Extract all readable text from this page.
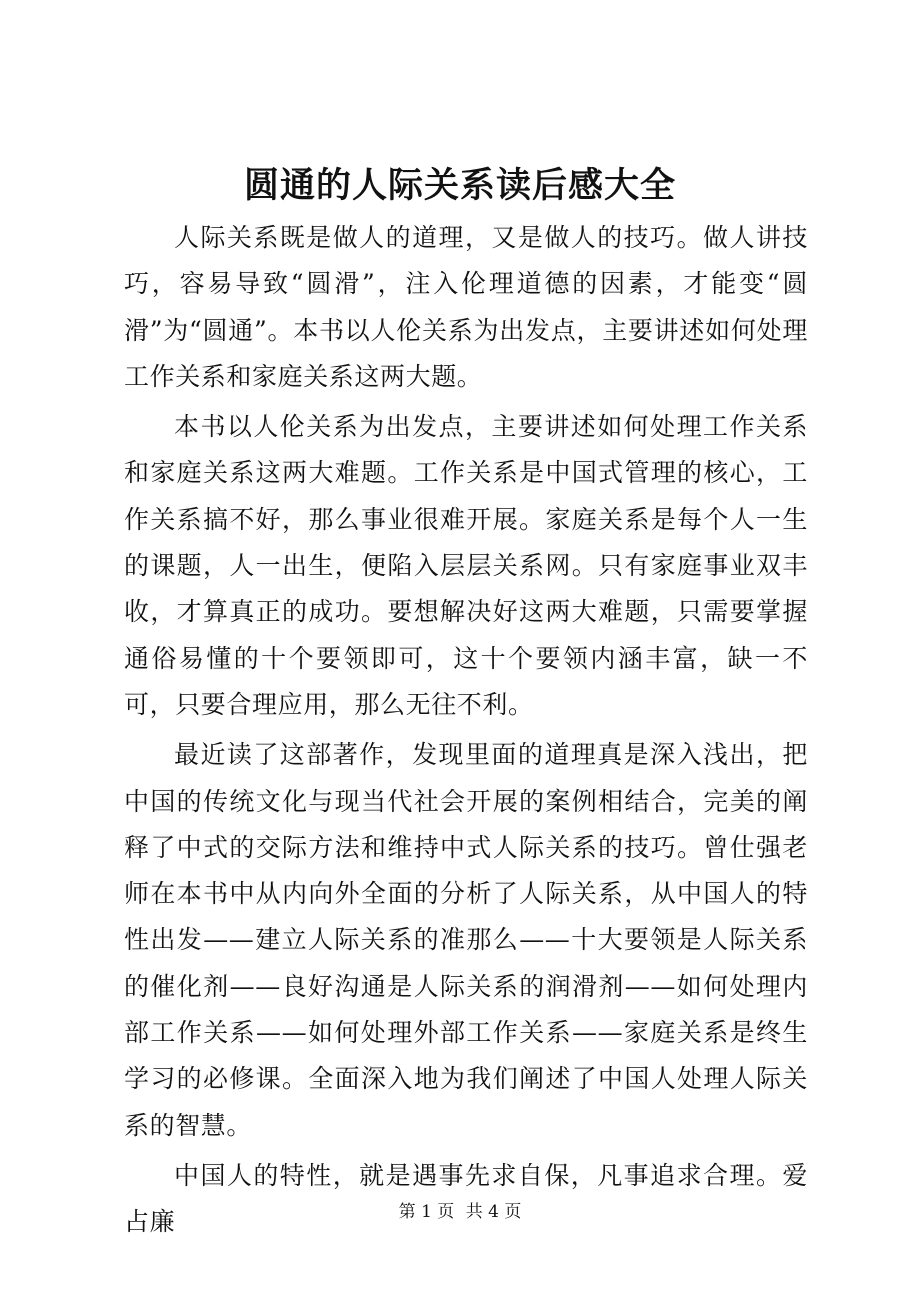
圆通的人际关系读后感大全

人际关系既是做人的道理，又是做人的技巧。做人讲技巧，容易导致“圆滑”，注入伦理道德的因素，才能变“圆滑”为“圆通”。本书以人伦关系为出发点，主要讲述如何处理工作关系和家庭关系这两大题。

本书以人伦关系为出发点，主要讲述如何处理工作关系和家庭关系这两大难题。工作关系是中国式管理的核心，工作关系搞不好，那么事业很难开展。家庭关系是每个人一生的课题，人一出生，便陷入层层关系网。只有家庭事业双丰收，才算真正的成功。要想解决好这两大难题，只需要掌握通俗易懂的十个要领即可，这十个要领内涵丰富，缺一不可，只要合理应用，那么无往不利。

最近读了这部著作，发现里面的道理真是深入浅出，把中国的传统文化与现当代社会开展的案例相结合，完美的阐释了中式的交际方法和维持中式人际关系的技巧。曾仕强老师在本书中从内向外全面的分析了人际关系，从中国人的特性出发——建立人际关系的准那么——十大要领是人际关系的催化剂——良好沟通是人际关系的润滑剂——如何处理内部工作关系——如何处理外部工作关系——家庭关系是终生学习的必修课。全面深入地为我们阐述了中国人处理人际关系的智慧。

中国人的特性，就是遇事先求自保，凡事追求合理。爱占廉	第 1 页 共 4 页
